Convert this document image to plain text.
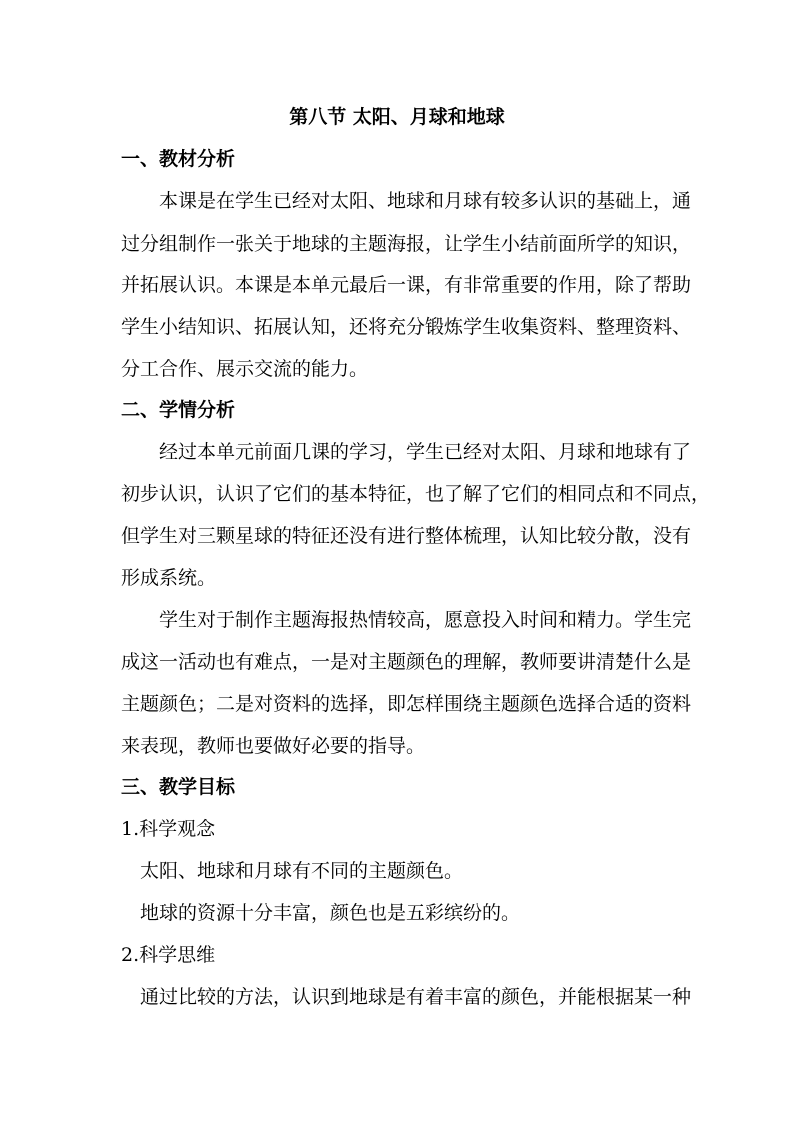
第八节 太阳、月球和地球
一、教材分析
本课是在学生已经对太阳、地球和月球有较多认识的基础上，通
过分组制作一张关于地球的主题海报，让学生小结前面所学的知识，
并拓展认识。本课是本单元最后一课，有非常重要的作用，除了帮助
学生小结知识、拓展认知，还将充分锻炼学生收集资料、整理资料、
分工合作、展示交流的能力。
二、学情分析
经过本单元前面几课的学习，学生已经对太阳、月球和地球有了
初步认识，认识了它们的基本特征，也了解了它们的相同点和不同点，
但学生对三颗星球的特征还没有进行整体梳理，认知比较分散，没有
形成系统。
学生对于制作主题海报热情较高，愿意投入时间和精力。学生完
成这一活动也有难点，一是对主题颜色的理解，教师要讲清楚什么是
主题颜色；二是对资料的选择，即怎样围绕主题颜色选择合适的资料
来表现，教师也要做好必要的指导。
三、教学目标
1.科学观念
太阳、地球和月球有不同的主题颜色。
地球的资源十分丰富，颜色也是五彩缤纷的。
2.科学思维
通过比较的方法，认识到地球是有着丰富的颜色，并能根据某一种
